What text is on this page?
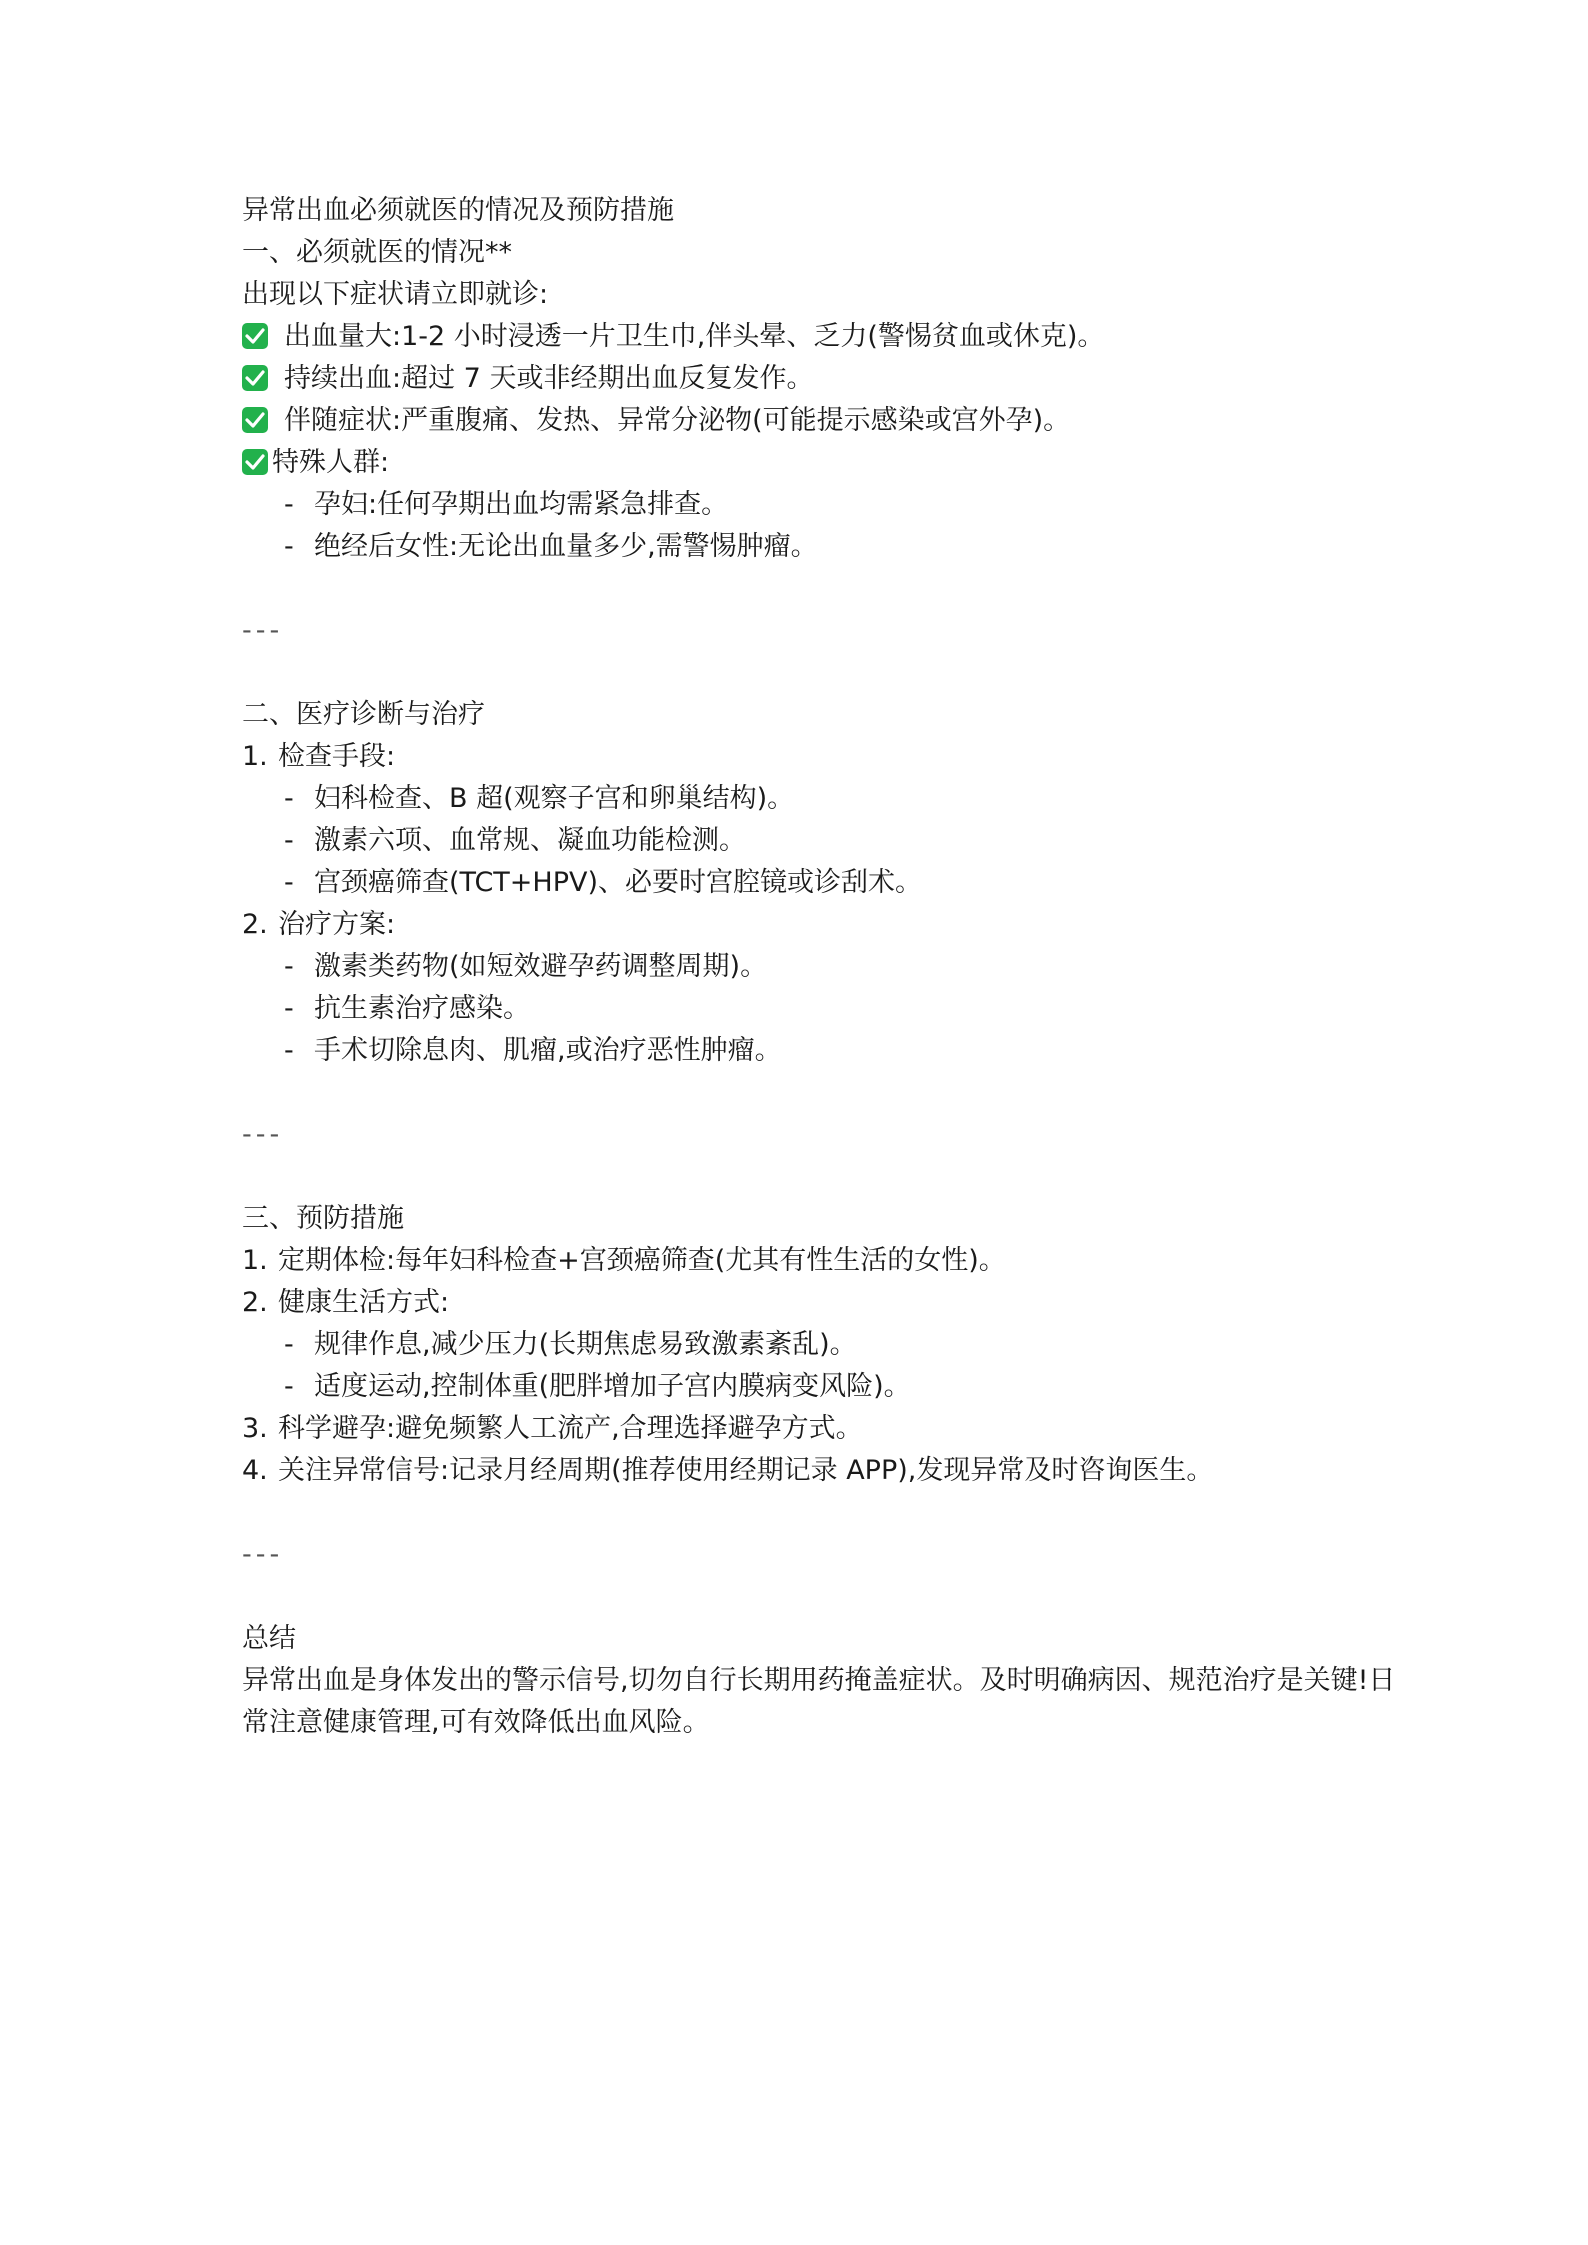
异常出血必须就医的情况及预防措施
一、必须就医的情况**
出现以下症状请立即就诊:
出血量大:1-2 小时浸透一片卫生巾,伴头晕、乏力(警惕贫血或休克)。
持续出血:超过 7 天或非经期出血反复发作。
伴随症状:严重腹痛、发热、异常分泌物(可能提示感染或宫外孕)。
特殊人群:
- 孕妇:任何孕期出血均需紧急排查。
- 绝经后女性:无论出血量多少,需警惕肿瘤。
---
二、医疗诊断与治疗
1. 检查手段:
- 妇科检查、B 超(观察子宫和卵巢结构)。
- 激素六项、血常规、凝血功能检测。
- 宫颈癌筛查(TCT+HPV)、必要时宫腔镜或诊刮术。
2. 治疗方案:
- 激素类药物(如短效避孕药调整周期)。
- 抗生素治疗感染。
- 手术切除息肉、肌瘤,或治疗恶性肿瘤。
---
三、预防措施
1. 定期体检:每年妇科检查+宫颈癌筛查(尤其有性生活的女性)。
2. 健康生活方式:
- 规律作息,减少压力(长期焦虑易致激素紊乱)。
- 适度运动,控制体重(肥胖增加子宫内膜病变风险)。
3. 科学避孕:避免频繁人工流产,合理选择避孕方式。
4. 关注异常信号:记录月经周期(推荐使用经期记录 APP),发现异常及时咨询医生。
---
总结
异常出血是身体发出的警示信号,切勿自行长期用药掩盖症状。及时明确病因、规范治疗是关键!日常注意健康管理,可有效降低出血风险。
